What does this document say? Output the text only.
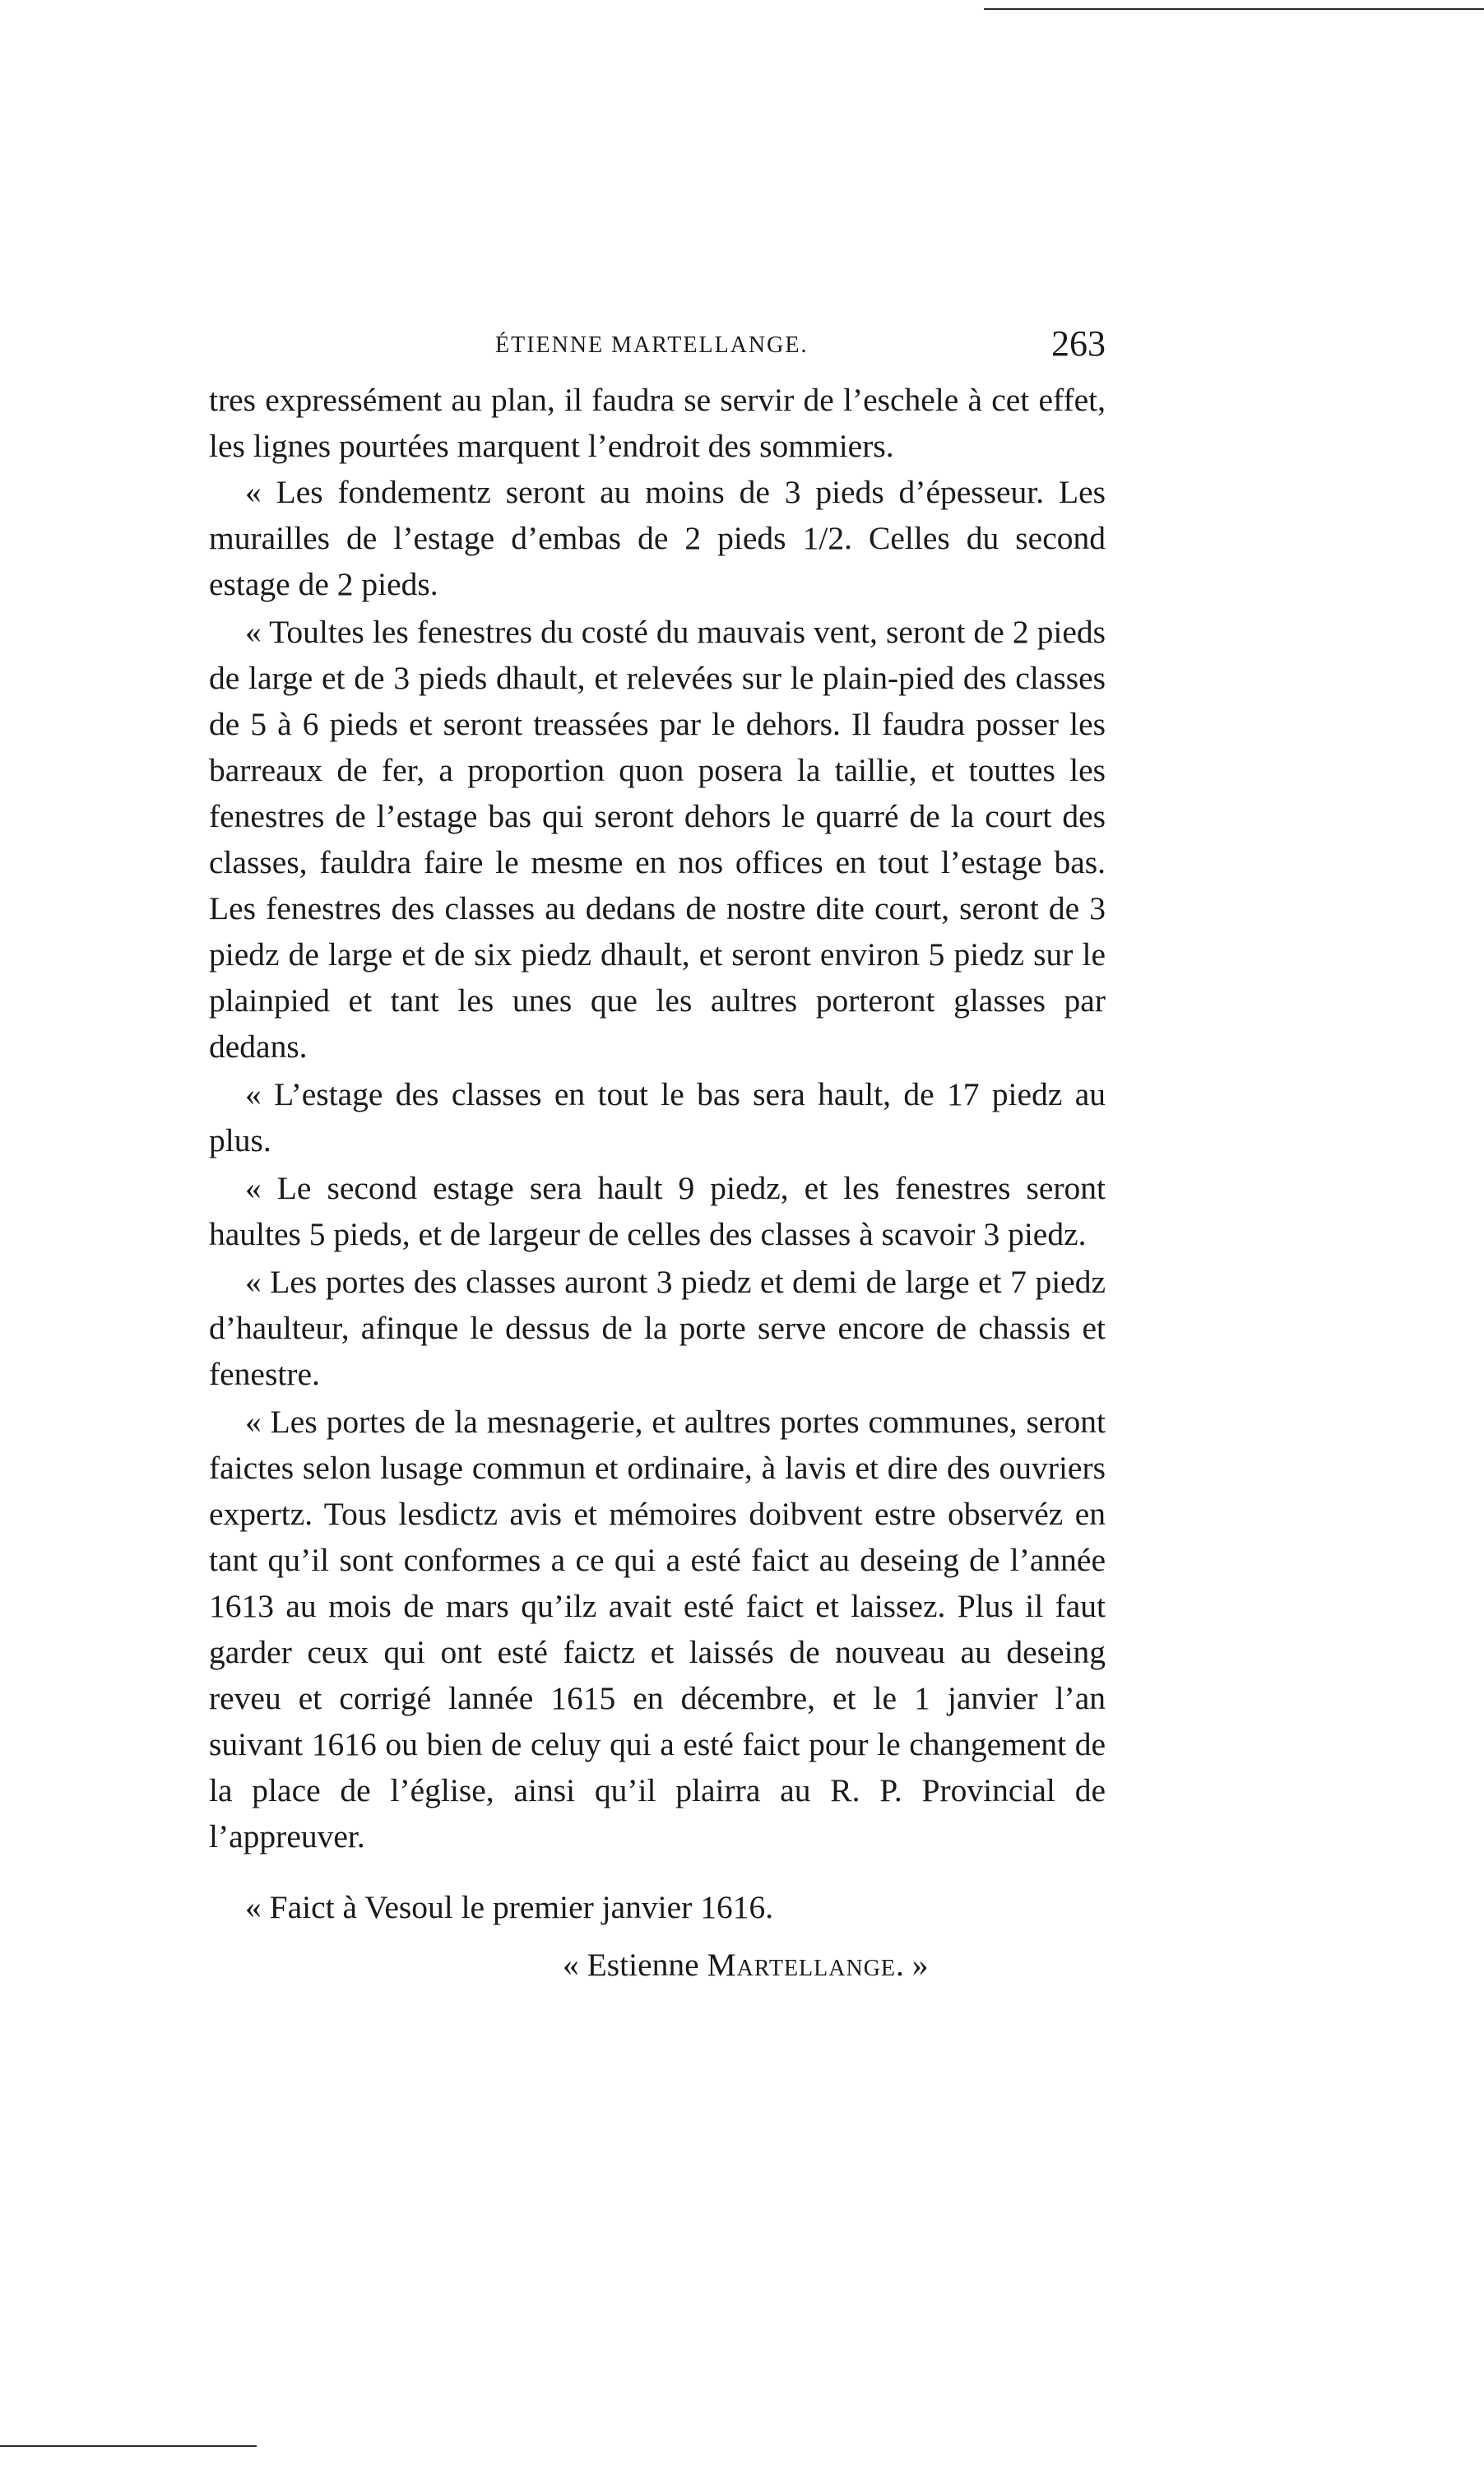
ÉTIENNE MARTELLANGE.	263

tres expressément au plan, il faudra se servir de l’eschele à cet effet, les lignes pourtées marquent l’endroit des sommiers.

« Les fondementz seront au moins de 3 pieds d’épesseur. Les murailles de l’estage d’embas de 2 pieds 1/2. Celles du second estage de 2 pieds.

« Toultes les fenestres du costé du mauvais vent, seront de 2 pieds de large et de 3 pieds dhault, et relevées sur le plain-pied des classes de 5 à 6 pieds et seront treassées par le dehors. Il faudra posser les barreaux de fer, a proportion quon posera la taillie, et touttes les fenestres de l’estage bas qui seront dehors le quarré de la court des classes, fauldra faire le mesme en nos offices en tout l’estage bas. Les fenestres des classes au dedans de nostre dite court, seront de 3 piedz de large et de six piedz dhault, et seront environ 5 piedz sur le plainpied et tant les unes que les aultres porteront glasses par dedans.

« L’estage des classes en tout le bas sera hault, de 17 piedz au plus.

« Le second estage sera hault 9 piedz, et les fenestres seront haultes 5 pieds, et de largeur de celles des classes à scavoir 3 piedz.

« Les portes des classes auront 3 piedz et demi de large et 7 piedz d’haulteur, afinque le dessus de la porte serve encore de chassis et fenestre.

« Les portes de la mesnagerie, et aultres portes communes, seront faictes selon lusage commun et ordinaire, à lavis et dire des ouvriers expertz. Tous lesdictz avis et mémoires doibvent estre observéz en tant qu’il sont conformes a ce qui a esté faict au deseing de l’année 1613 au mois de mars qu’ilz avait esté faict et laissez. Plus il faut garder ceux qui ont esté faictz et laissés de nouveau au deseing reveu et corrigé lannée 1615 en décembre, et le 1 janvier l’an suivant 1616 ou bien de celuy qui a esté faict pour le changement de la place de l’église, ainsi qu’il plairra au R. P. Provincial de l’appreuver.

« Faict à Vesoul le premier janvier 1616.

« Estienne Martellange. »
